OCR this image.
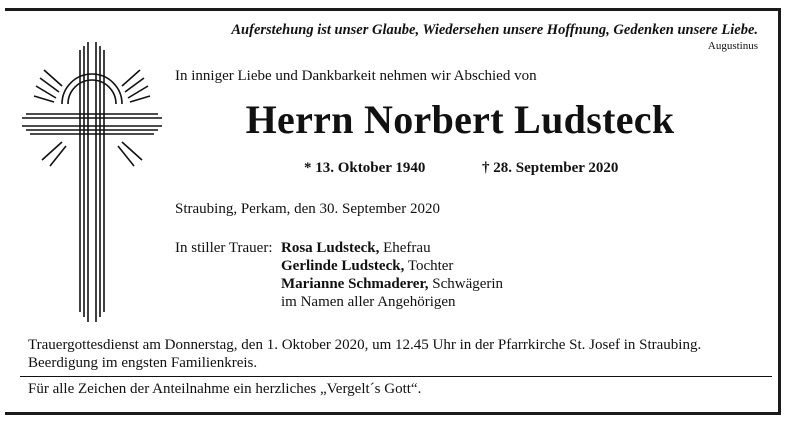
Auferstehung ist unser Glaube, Wiedersehen unsere Hoffnung, Gedenken unsere Liebe.
Augustinus
In inniger Liebe und Dankbarkeit nehmen wir Abschied von
Herrn Norbert Ludsteck
* 13. Oktober 1940	† 28. September 2020
Straubing, Perkam, den 30. September 2020
In stiller Trauer: Rosa Ludsteck, Ehefrau
Gerlinde Ludsteck, Tochter
Marianne Schmaderer, Schwägerin
im Namen aller Angehörigen
Trauergottesdienst am Donnerstag, den 1. Oktober 2020, um 12.45 Uhr in der Pfarrkirche St. Josef in Straubing.
Beerdigung im engsten Familienkreis.
Für alle Zeichen der Anteilnahme ein herzliches „Vergelt´s Gott“.
